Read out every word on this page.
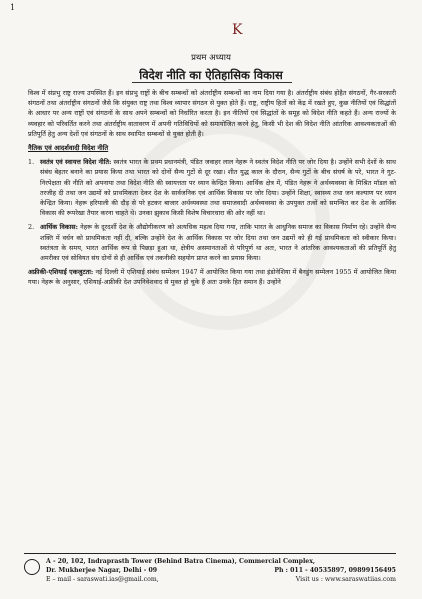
1
K
प्रथम अध्याय
विदेश नीति का ऐतिहासिक विकास

विश्व में संप्रभु राष्ट्र राज्य उपस्थित हैं। इन संप्रभु राष्ट्रों के बीच सम्बन्धों को अंतर्राष्ट्रीय सम्बन्धों का नाम दिया गया है। अंतर्राष्ट्रीय संबंध होहैत संगठनों, गैर-सरकारी संगठनों तथा अंतर्राष्ट्रीय संगठनों जैसे कि संयुक्त राष्ट्र तथा विश्व व्यापार संगठन से युक्त होते हैं। राष्ट्र, राष्ट्रीय हितों को केंद्र में रखते हुए, कुछ नीतियों एवं सिद्धांतों के आधार पर अन्य राष्ट्रों एवं संगठनों के साथ अपने सम्बन्धों को निर्धारित करता है। इन नीतियों एवं सिद्धांतों के समूह को विदेश नीति कहते हैं। अन्य राज्यों के व्यवहार को परिवर्तित करने तथा अंतर्राष्ट्रीय वातावरण में अपनी गतिविधियों को समायोजित करने हेतु, किसी भी देश की विदेश नीति आंतरिक आवश्यकताओं की प्रतिपूर्ति हेतु अन्य देशों एवं संगठनों के साथ स्थापित सम्बन्धों से युक्त होती है।

नैतिक एवं आदर्शवादी विदेश नीति
1. स्वतंत्र एवं स्वायत्त विदेश नीति: स्वतंत्र भारत के प्रथम प्रधानमंत्री, पंडित जवाहर लाल नेहरू ने स्वतंत्र विदेश नीति पर जोर दिया है। उन्होंने सभी देशों के साथ संबंध बेहतर बनाने का प्रयास किया तथा भारत को दोनों सैन्य गुटों से दूर रखा। शीत युद्ध काल के दौरान, सैन्य गुटों के बीच संघर्ष के परे, भारत ने गुट-निरपेक्षता की नीति को अपनाया तथा विदेश नीति की स्वायत्तता पर ध्यान केन्द्रित किया। आर्थिक क्षेत्र में, पंडित नेहरू ने अर्थव्यवस्था के मिश्रित मॉडल को तरजीह दी तथा जन उद्यमों को प्राथमिकता देकर देश के सार्वजनिक एवं आर्थिक विकास पर जोर दिया। उन्होंने शिक्षा, स्वास्थ्य तथा जन कल्याण पर ध्यान केन्द्रित किया। नेहरू हरियाली की दौड़ से परे हटकर बाजार अर्थव्यवस्था तथा समाजवादी अर्थव्यवस्था के उपयुक्त तत्वों को समन्वित कर देश के आर्थिक विकास की रूपरेखा तैयार करना चाहते थे। उनका झुकाव किसी विशेष विचारधारा की ओर नहीं था।
2. आर्थिक विकास: नेहरू के दूरदर्शी देश के औद्योगीकरण को अत्यधिक महत्व दिया गया, ताकि भारत के आधुनिक समाज का विकास निर्माण रहे। उन्होंने सैन्य शक्ति में वर्धन को प्राथमिकता नहीं दी, बल्कि उन्होंने देश के आर्थिक विकास पर जोर दिया तथा जन उद्यमों को ही गई प्राथमिकता को स्वीकार किया। स्वतंत्रता के समय, भारत आर्थिक रूप से पिछड़ा हुआ था, क्षेत्रीय असमानताओं से परिपूर्ण था अतः, भारत ने आंतरिक आवश्यकताओं की प्रतिपूर्ति हेतु अमरीका एवं सोवियत संघ दोनों से ही आर्थिक एवं तकनीकी सहयोग प्राप्त करने का प्रयास किया।

अफ्रीकी-एशियाई एकजुटता: नई दिल्ली में एशियाई संबंध सम्मेलन 1947 में आयोजित किया गया तथा इंडोनेशिया में बैनडुंग सम्मेलन 1955 में आयोजित किया गया। नेहरू के अनुसार, एशियाई-अफ्रीकी देश उपनिवेशवाद से मुक्त हो चुके हैं अतः उनके हित समान हैं। उन्होंने

A - 20, 102, Indraprasth Tower (Behind Batra Cinema), Commercial Complex,
Dr. Mukherjee Nagar, Delhi - 09	Ph : 011 - 40535897, 09899156495
E – mail - saraswati.ias@gmail.com,	Visit us : www.saraswatiias.com
